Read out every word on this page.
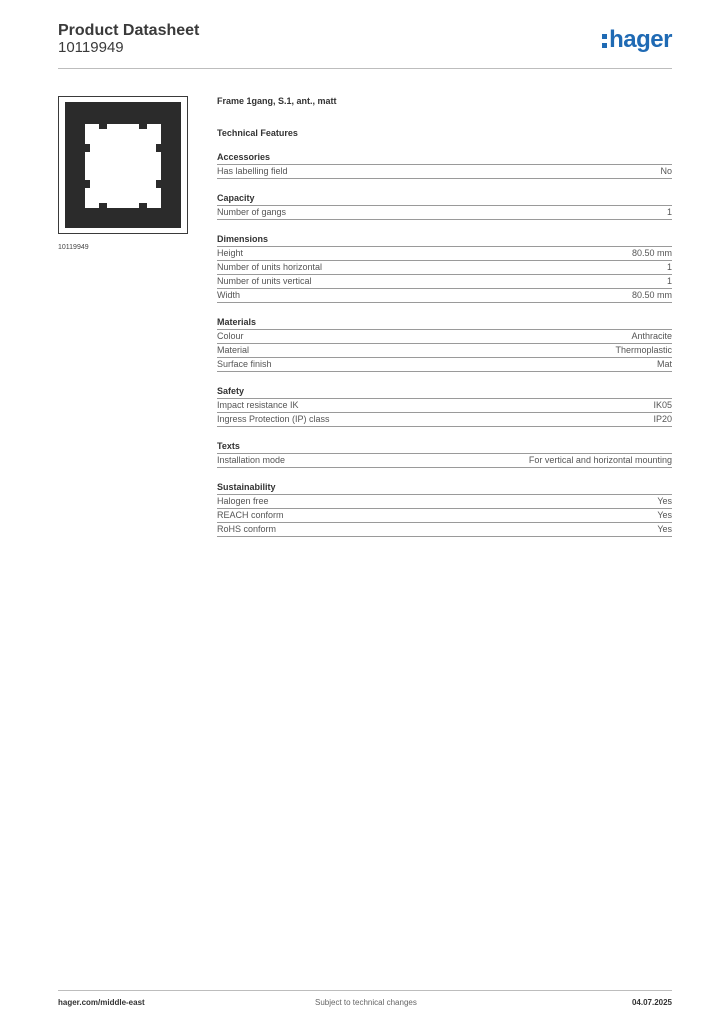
Product Datasheet
10119949	hager
10119949
Frame 1gang, S.1, ant., matt
Technical Features
Accessories
Has labelling field	No
Capacity
Number of gangs	1
Dimensions
Height	80.50 mm
Number of units horizontal	1
Number of units vertical	1
Width	80.50 mm
Materials
Colour	Anthracite
Material	Thermoplastic
Surface finish	Mat
Safety
Impact resistance IK	IK05
Ingress Protection (IP) class	IP20
Texts
Installation mode	For vertical and horizontal mounting
Sustainability
Halogen free	Yes
REACH conform	Yes
RoHS conform	Yes
hager.com/middle-east	Subject to technical changes	04.07.2025
